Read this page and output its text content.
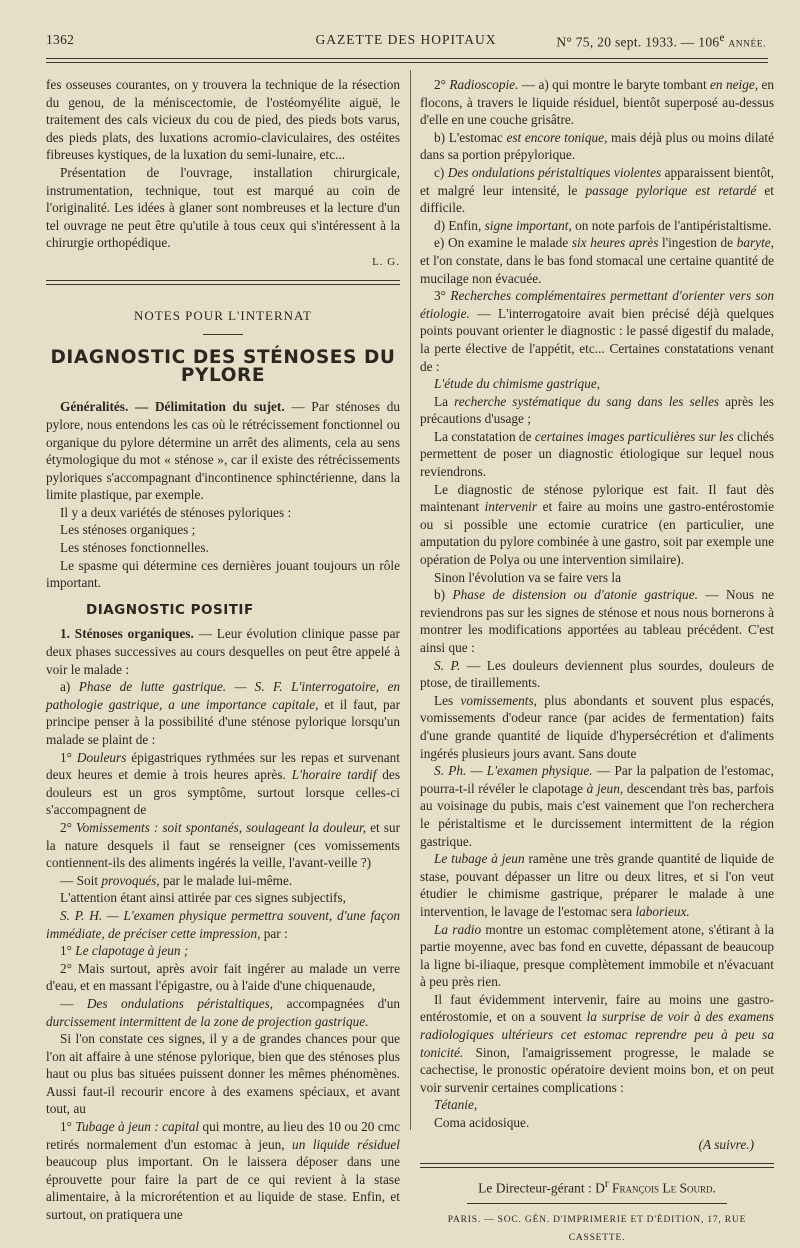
1362	GAZETTE DES HOPITAUX	N° 75, 20 sept. 1933. — 106e ANNÉE.

fes osseuses courantes, on y trouvera la technique de la résection du genou, de la méniscectomie, de l'ostéomyélite aiguë, le traitement des cals vicieux du cou de pied, des pieds bots varus, des pieds plats, des luxations acromio-claviculaires, des ostéites fibreuses kystiques, de la luxation du semi-lunaire, etc...

Présentation de l'ouvrage, installation chirurgicale, instrumentation, technique, tout est marqué au coin de l'originalité. Les idées à glaner sont nombreuses et la lecture d'un tel ouvrage ne peut être qu'utile à tous ceux qui s'intéressent à la chirurgie orthopédique.

L. G.
NOTES POUR L'INTERNAT
DIAGNOSTIC DES STÉNOSES DU PYLORE

Généralités. — Délimitation du sujet. — Par sténoses du pylore, nous entendons les cas où le rétrécissement fonctionnel ou organique du pylore détermine un arrêt des aliments, cela au sens étymologique du mot « sténose », car il existe des rétrécissements pyloriques s'accompagnant d'incontinence sphinctérienne, dans la limite plastique, par exemple.

Il y a deux variétés de sténoses pyloriques :

Les sténoses organiques ;

Les sténoses fonctionnelles.

Le spasme qui détermine ces dernières jouant toujours un rôle important.

DIAGNOSTIC POSITIF

1. Sténoses organiques. — Leur évolution clinique passe par deux phases successives au cours desquelles on peut être appelé à voir le malade :

a) Phase de lutte gastrique. — S. F. L'interrogatoire, en pathologie gastrique, a une importance capitale, et il faut, par principe penser à la possibilité d'une sténose pylorique lorsqu'un malade se plaint de :

1° Douleurs épigastriques rythmées sur les repas et survenant deux heures et demie à trois heures après. L'horaire tardif des douleurs est un gros symptôme, surtout lorsque celles-ci s'accompagnent de

2° Vomissements : soit spontanés, soulageant la douleur, et sur la nature desquels il faut se renseigner (ces vomissements contiennent-ils des aliments ingérés la veille, l'avant-veille ?)

— Soit provoqués, par le malade lui-même.

L'attention étant ainsi attirée par ces signes subjectifs,

S. P. H. — L'examen physique permettra souvent, d'une façon immédiate, de préciser cette impression, par :

1° Le clapotage à jeun ;

2° Mais surtout, après avoir fait ingérer au malade un verre d'eau, et en massant l'épigastre, ou à l'aide d'une chiquenaude,

— Des ondulations péristaltiques, accompagnées d'un durcissement intermittent de la zone de projection gastrique.

Si l'on constate ces signes, il y a de grandes chances pour que l'on ait affaire à une sténose pylorique, bien que des sténoses plus haut ou plus bas situées puissent donner les mêmes phénomènes. Aussi faut-il recourir encore à des examens spéciaux, et avant tout, au

1° Tubage à jeun : capital qui montre, au lieu des 10 ou 20 cmc retirés normalement d'un estomac à jeun, un liquide résiduel beaucoup plus important. On le laissera déposer dans une éprouvette pour faire la part de ce qui revient à la stase alimentaire, à la microrétention et au liquide de stase. Enfin, et surtout, on pratiquera une

2° Radioscopie. — a) qui montre le baryte tombant en neige, en flocons, à travers le liquide résiduel, bientôt superposé au-dessus d'elle en une couche grisâtre.

b) L'estomac est encore tonique, mais déjà plus ou moins dilaté dans sa portion prépylorique.

c) Des ondulations péristaltiques violentes apparaissent bientôt, et malgré leur intensité, le passage pylorique est retardé et difficile.

d) Enfin, signe important, on note parfois de l'antipéristaltisme.

e) On examine le malade six heures après l'ingestion de baryte, et l'on constate, dans le bas fond stomacal une certaine quantité de mucilage non évacuée.

3° Recherches complémentaires permettant d'orienter vers son étiologie. — L'interrogatoire avait bien précisé déjà quelques points pouvant orienter le diagnostic : le passé digestif du malade, la perte élective de l'appétit, etc... Certaines constatations venant de :

L'étude du chimisme gastrique,

La recherche systématique du sang dans les selles après les précautions d'usage ;

La constatation de certaines images particulières sur les clichés permettent de poser un diagnostic étiologique sur lequel nous reviendrons.

Le diagnostic de sténose pylorique est fait. Il faut dès maintenant intervenir et faire au moins une gastro-entérostomie ou si possible une ectomie curatrice (en particulier, une amputation du pylore combinée à une gastro, soit par exemple une opération de Polya ou une intervention similaire).

Sinon l'évolution va se faire vers la

b) Phase de distension ou d'atonie gastrique. — Nous ne reviendrons pas sur les signes de sténose et nous nous bornerons à montrer les modifications apportées au tableau précédent. C'est ainsi que :

S. P. — Les douleurs deviennent plus sourdes, douleurs de ptose, de tiraillements.

Les vomissements, plus abondants et souvent plus espacés, vomissements d'odeur rance (par acides de fermentation) faits d'une grande quantité de liquide d'hypersécrétion et d'aliments ingérés plusieurs jours avant. Sans doute

S. Ph. — L'examen physique. — Par la palpation de l'estomac, pourra-t-il révéler le clapotage à jeun, descendant très bas, parfois au voisinage du pubis, mais c'est vainement que l'on recherchera le péristaltisme et le durcissement intermittent de la région gastrique.

Le tubage à jeun ramène une très grande quantité de liquide de stase, pouvant dépasser un litre ou deux litres, et si l'on veut étudier le chimisme gastrique, préparer le malade à une intervention, le lavage de l'estomac sera laborieux.

La radio montre un estomac complètement atone, s'étirant à la partie moyenne, avec bas fond en cuvette, dépassant de beaucoup la ligne bi-iliaque, presque complètement immobile et n'évacuant à peu près rien.

Il faut évidemment intervenir, faire au moins une gastro-entérostomie, et on a souvent la surprise de voir à des examens radiologiques ultérieurs cet estomac reprendre peu à peu sa tonicité. Sinon, l'amaigrissement progresse, le malade se cachectise, le pronostic opératoire devient moins bon, et on peut voir survenir certaines complications :

Tétanie,

Coma acidosique.

(A suivre.)
Le Directeur-gérant : $D^r$ François Le Sourd.
PARIS. — SOC. GÉN. D'IMPRIMERIE ET D'ÉDITION, 17, RUE CASSETTE.
